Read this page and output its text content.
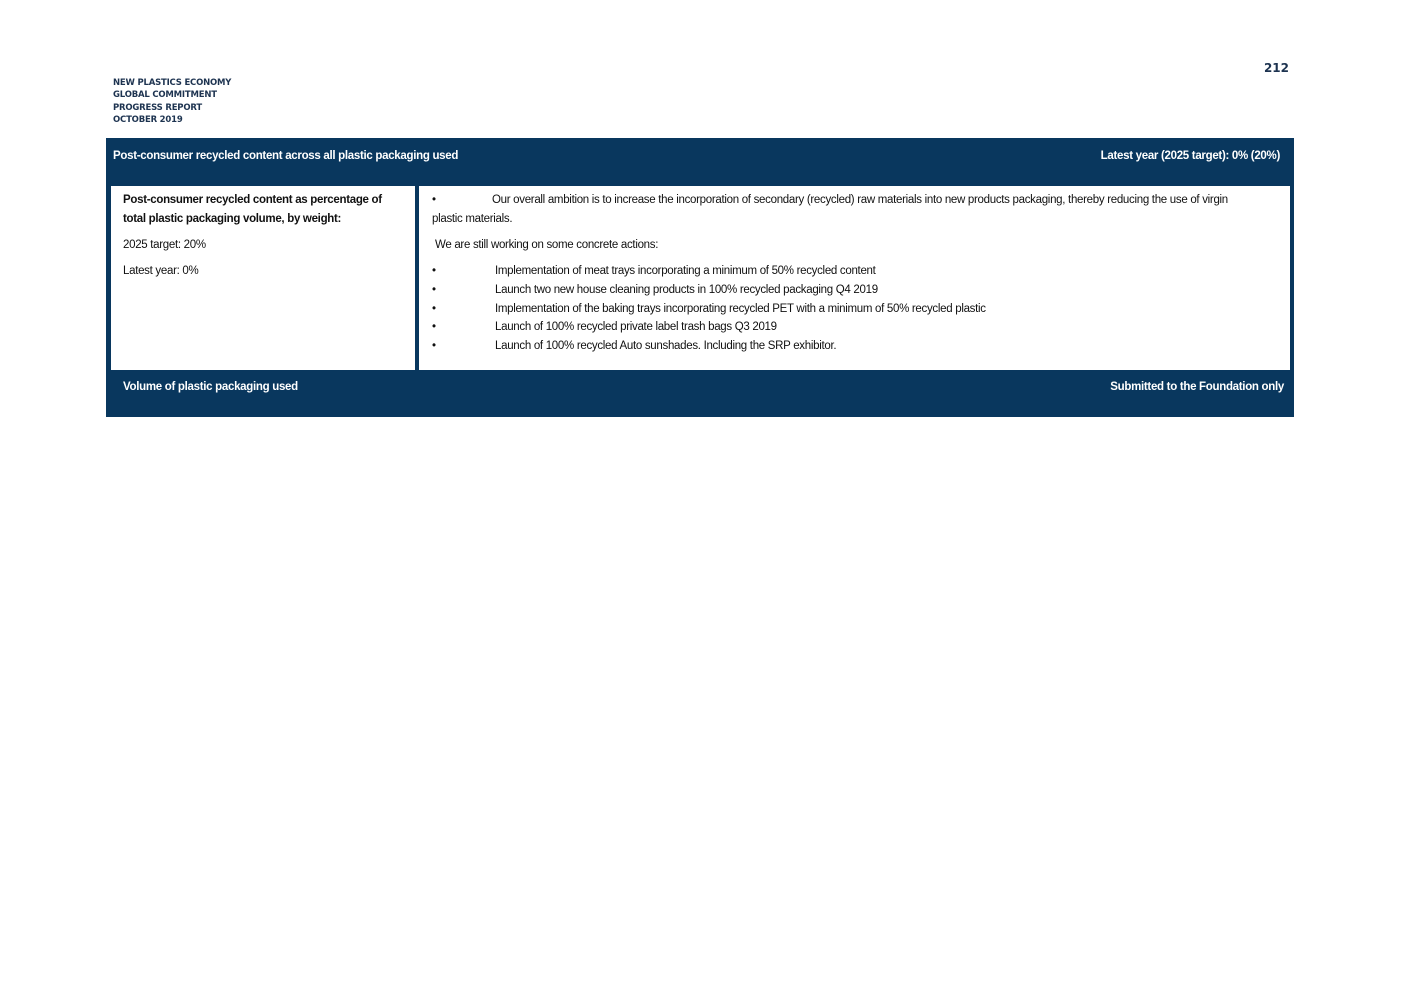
NEW PLASTICS ECONOMY
GLOBAL COMMITMENT
PROGRESS REPORT
OCTOBER 2019
212
Post-consumer recycled content across all plastic packaging used	Latest year (2025 target): 0% (20%)
Post-consumer recycled content as percentage of total plastic packaging volume, by weight:
2025 target: 20%
Latest year: 0%
•	Our overall ambition is to increase the incorporation of secondary (recycled) raw materials into new products packaging, thereby reducing the use of virgin plastic materials.
We are still working on some concrete actions:
•	Implementation of meat trays incorporating a minimum of 50% recycled content
•	Launch two new house cleaning products in 100% recycled packaging Q4 2019
•	Implementation of the baking trays incorporating recycled PET with a minimum of 50% recycled plastic
•	Launch of 100% recycled private label trash bags Q3 2019
•	Launch of 100% recycled Auto sunshades. Including the SRP exhibitor.
Volume of plastic packaging used	Submitted to the Foundation only
